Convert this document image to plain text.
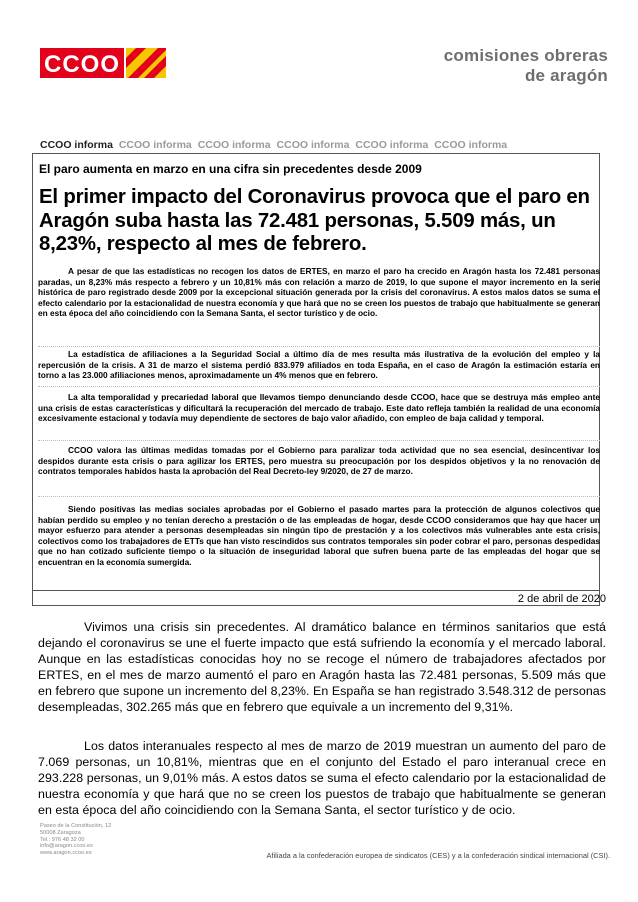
CCOO	comisiones obreras
de aragón
CCOO informa CCOO informa CCOO informa CCOO informa CCOO informa CCOO informa
El paro aumenta en marzo en una cifra sin precedentes desde 2009
El primer impacto del Coronavirus provoca que el paro en Aragón suba hasta las 72.481 personas, 5.509 más, un 8,23%, respecto al mes de febrero.

A pesar de que las estadísticas no recogen los datos de ERTES, en marzo el paro ha crecido en Aragón hasta los 72.481 personas paradas, un 8,23% más respecto a febrero y un 10,81% más con relación a marzo de 2019, lo que supone el mayor incremento en la serie histórica de paro registrado desde 2009 por la excepcional situación generada por la crisis del coronavirus. A estos malos datos se suma el efecto calendario por la estacionalidad de nuestra economía y que hará que no se creen los puestos de trabajo que habitualmente se generan en esta época del año coincidiendo con la Semana Santa, el sector turístico y de ocio.

La estadística de afiliaciones a la Seguridad Social a último día de mes resulta más ilustrativa de la evolución del empleo y la repercusión de la crisis. A 31 de marzo el sistema perdió 833.979 afiliados en toda España, en el caso de Aragón la estimación estaría en torno a las 23.000 afiliaciones menos, aproximadamente un 4% menos que en febrero.

La alta temporalidad y precariedad laboral que llevamos tiempo denunciando desde CCOO, hace que se destruya más empleo ante una crisis de estas características y dificultará la recuperación del mercado de trabajo. Este dato refleja también la realidad de una economía excesivamente estacional y todavía muy dependiente de sectores de bajo valor añadido, con empleo de baja calidad y temporal.

CCOO valora las últimas medidas tomadas por el Gobierno para paralizar toda actividad que no sea esencial, desincentivar los despidos durante esta crisis o para agilizar los ERTES, pero muestra su preocupación por los despidos objetivos y la no renovación de contratos temporales habidos hasta la aprobación del Real Decreto-ley 9/2020, de 27 de marzo.

Siendo positivas las medias sociales aprobadas por el Gobierno el pasado martes para la protección de algunos colectivos que habían perdido su empleo y no tenían derecho a prestación o de las empleadas de hogar, desde CCOO consideramos que hay que hacer un mayor esfuerzo para atender a personas desempleadas sin ningún tipo de prestación y a los colectivos más vulnerables ante esta crisis, colectivos como los trabajadores de ETTs que han visto rescindidos sus contratos temporales sin poder cobrar el paro, personas despedidas que no han cotizado suficiente tiempo o la situación de inseguridad laboral que sufren buena parte de las empleadas del hogar que se encuentran en la economía sumergida.

2 de abril de 2020

Vivimos una crisis sin precedentes. Al dramático balance en términos sanitarios que está dejando el coronavirus se une el fuerte impacto que está sufriendo la economía y el mercado laboral. Aunque en las estadísticas conocidas hoy no se recoge el número de trabajadores afectados por ERTES, en el mes de marzo aumentó el paro en Aragón hasta las 72.481 personas, 5.509 más que en febrero que supone un incremento del 8,23%. En España se han registrado 3.548.312 de personas desempleadas, 302.265 más que en febrero que equivale a un incremento del 9,31%.

Los datos interanuales respecto al mes de marzo de 2019 muestran un aumento del paro de 7.069 personas, un 10,81%, mientras que en el conjunto del Estado el paro interanual crece en 293.228 personas, un 9,01% más. A estos datos se suma el efecto calendario por la estacionalidad de nuestra economía y que hará que no se creen los puestos de trabajo que habitualmente se generan en esta época del año coincidiendo con la Semana Santa, el sector turístico y de ocio.

Paseo de la Constitución, 12
50008 Zaragoza
Tel.: 976 48 32 00
info@aragon.ccoo.es
www.aragon.ccoo.es	Afiliada a la confederación europea de sindicatos (CES) y a la confederación sindical internacional (CSI).
